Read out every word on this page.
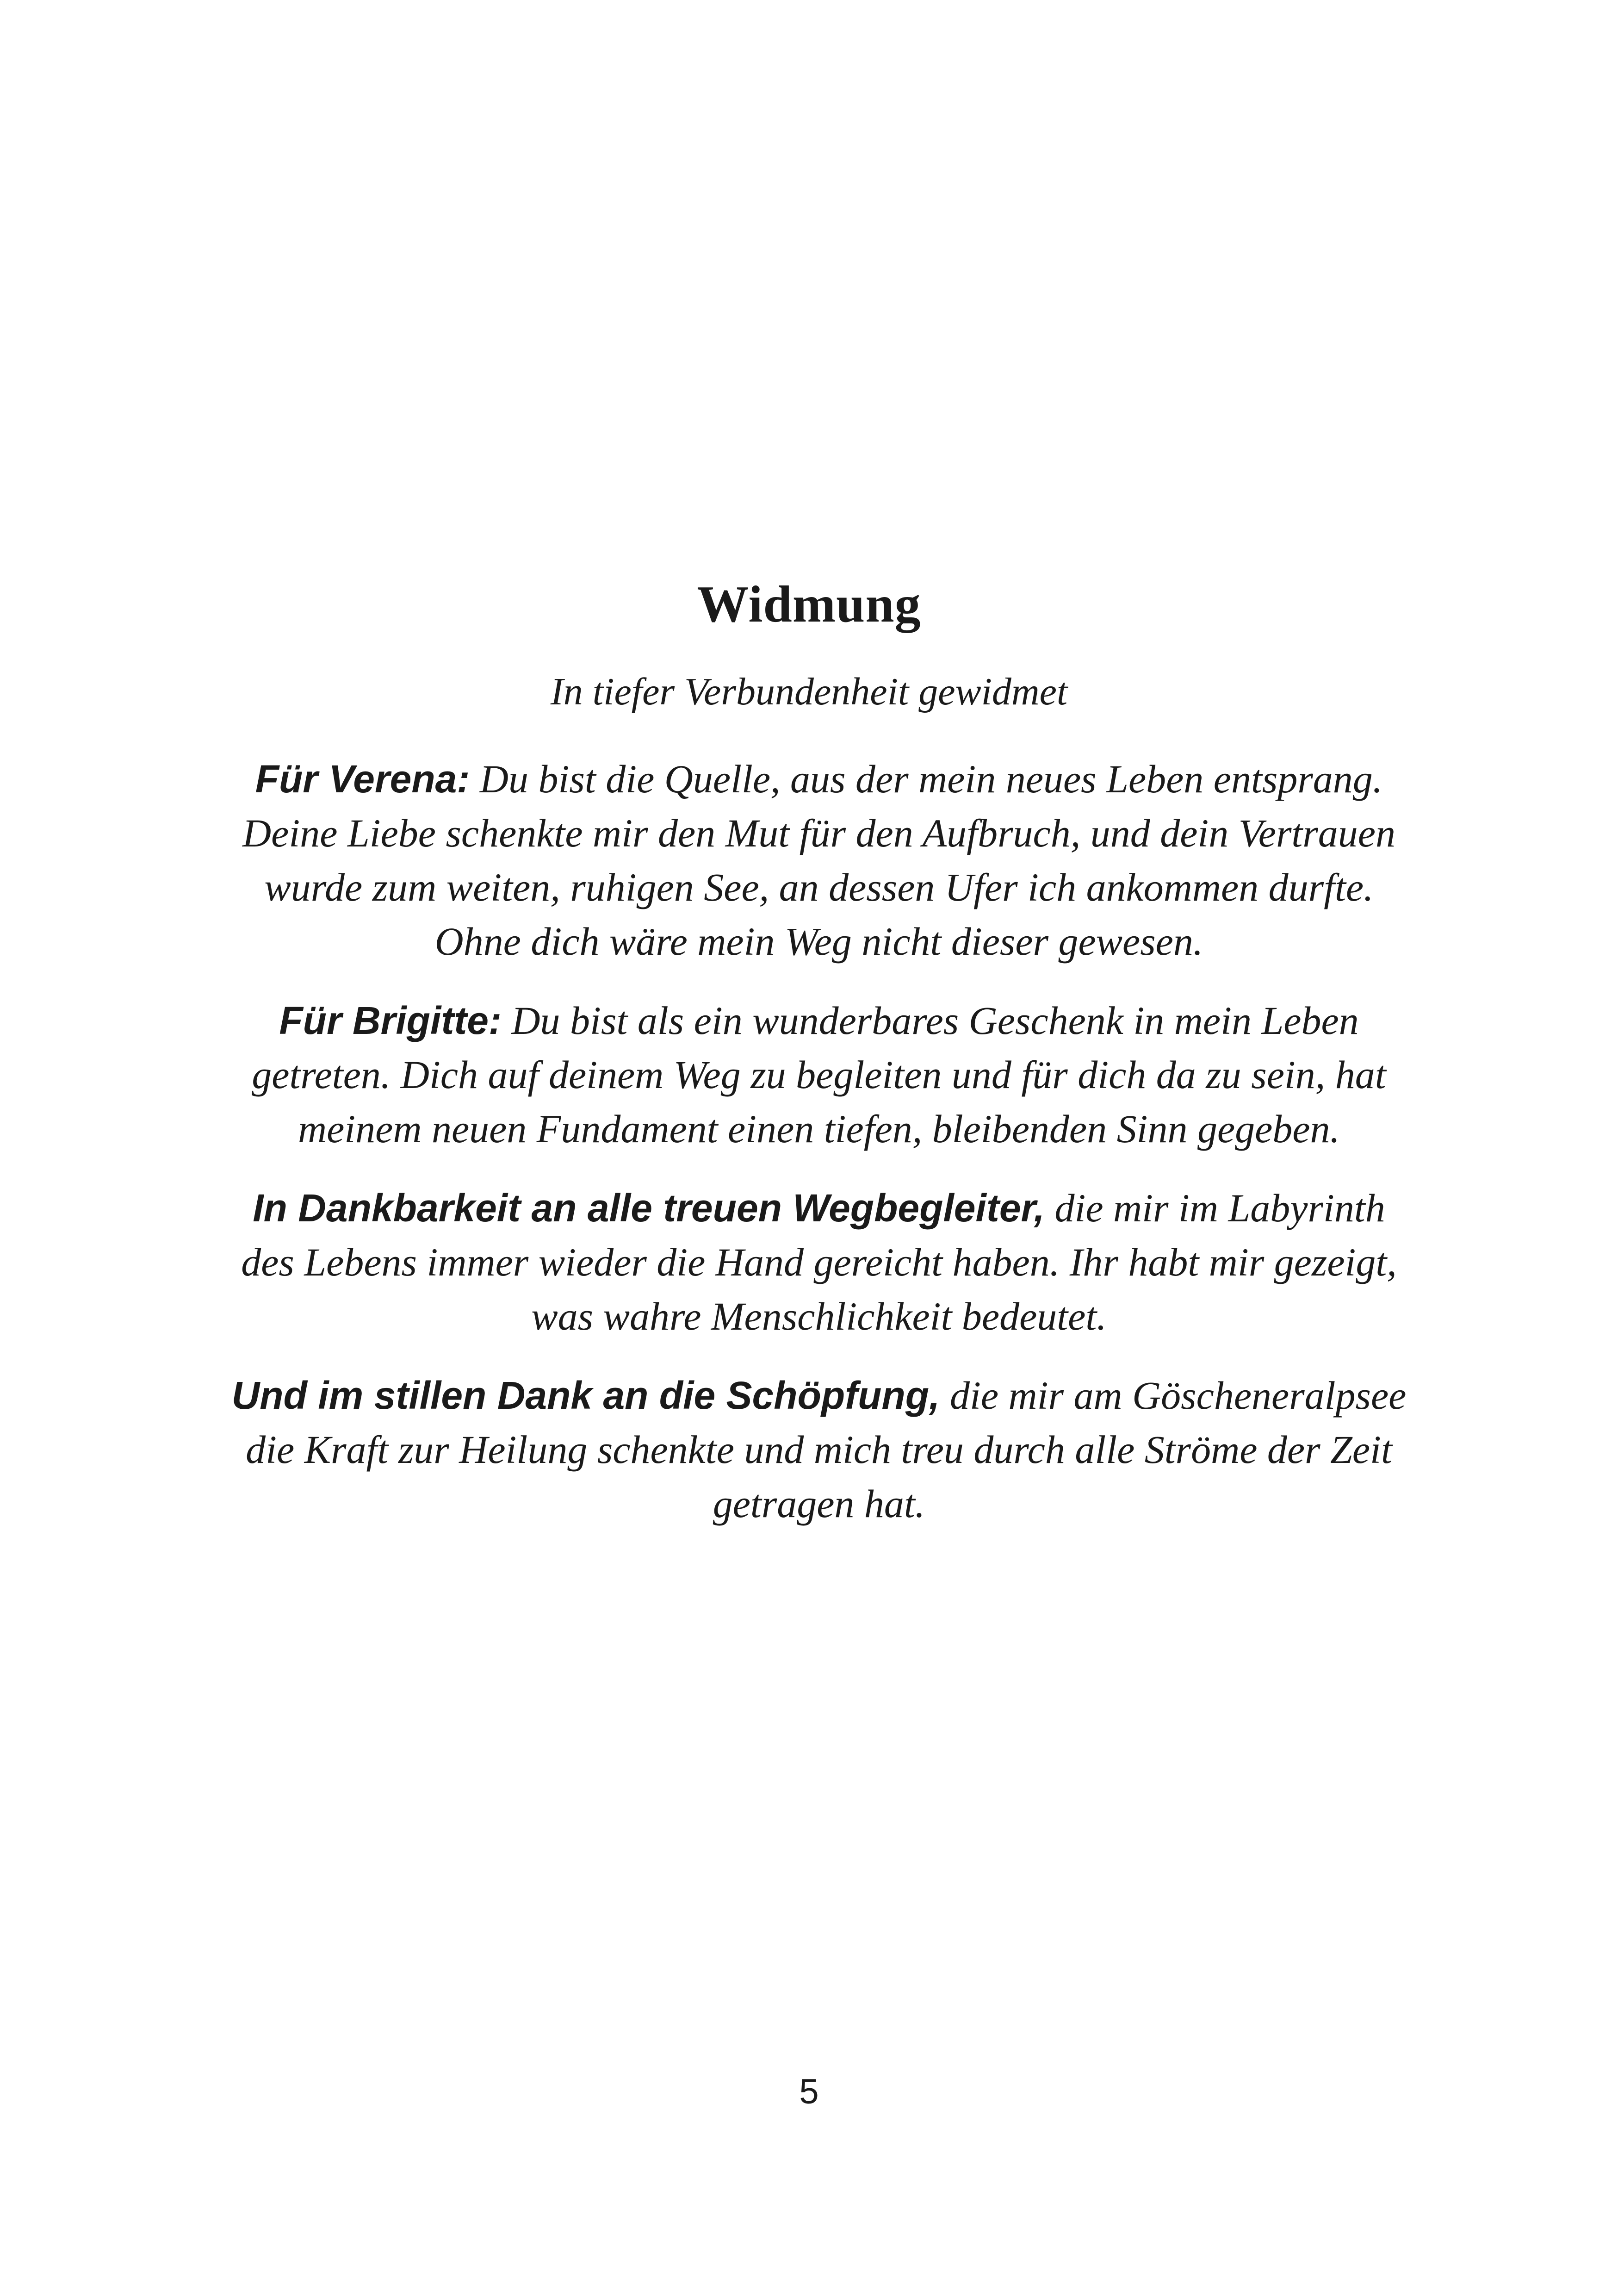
Widmung

In tiefer Verbundenheit gewidmet

Für Verena: Du bist die Quelle, aus der mein neues Leben entsprang. Deine Liebe schenkte mir den Mut für den Aufbruch, und dein Vertrauen wurde zum weiten, ruhigen See, an dessen Ufer ich ankommen durfte. Ohne dich wäre mein Weg nicht dieser gewesen.

Für Brigitte: Du bist als ein wunderbares Geschenk in mein Leben getreten. Dich auf deinem Weg zu begleiten und für dich da zu sein, hat meinem neuen Fundament einen tiefen, bleibenden Sinn gegeben.

In Dankbarkeit an alle treuen Wegbegleiter, die mir im Labyrinth des Lebens immer wieder die Hand gereicht haben. Ihr habt mir gezeigt, was wahre Menschlichkeit bedeutet.

Und im stillen Dank an die Schöpfung, die mir am Göscheneralpsee die Kraft zur Heilung schenkte und mich treu durch alle Ströme der Zeit getragen hat.

5
